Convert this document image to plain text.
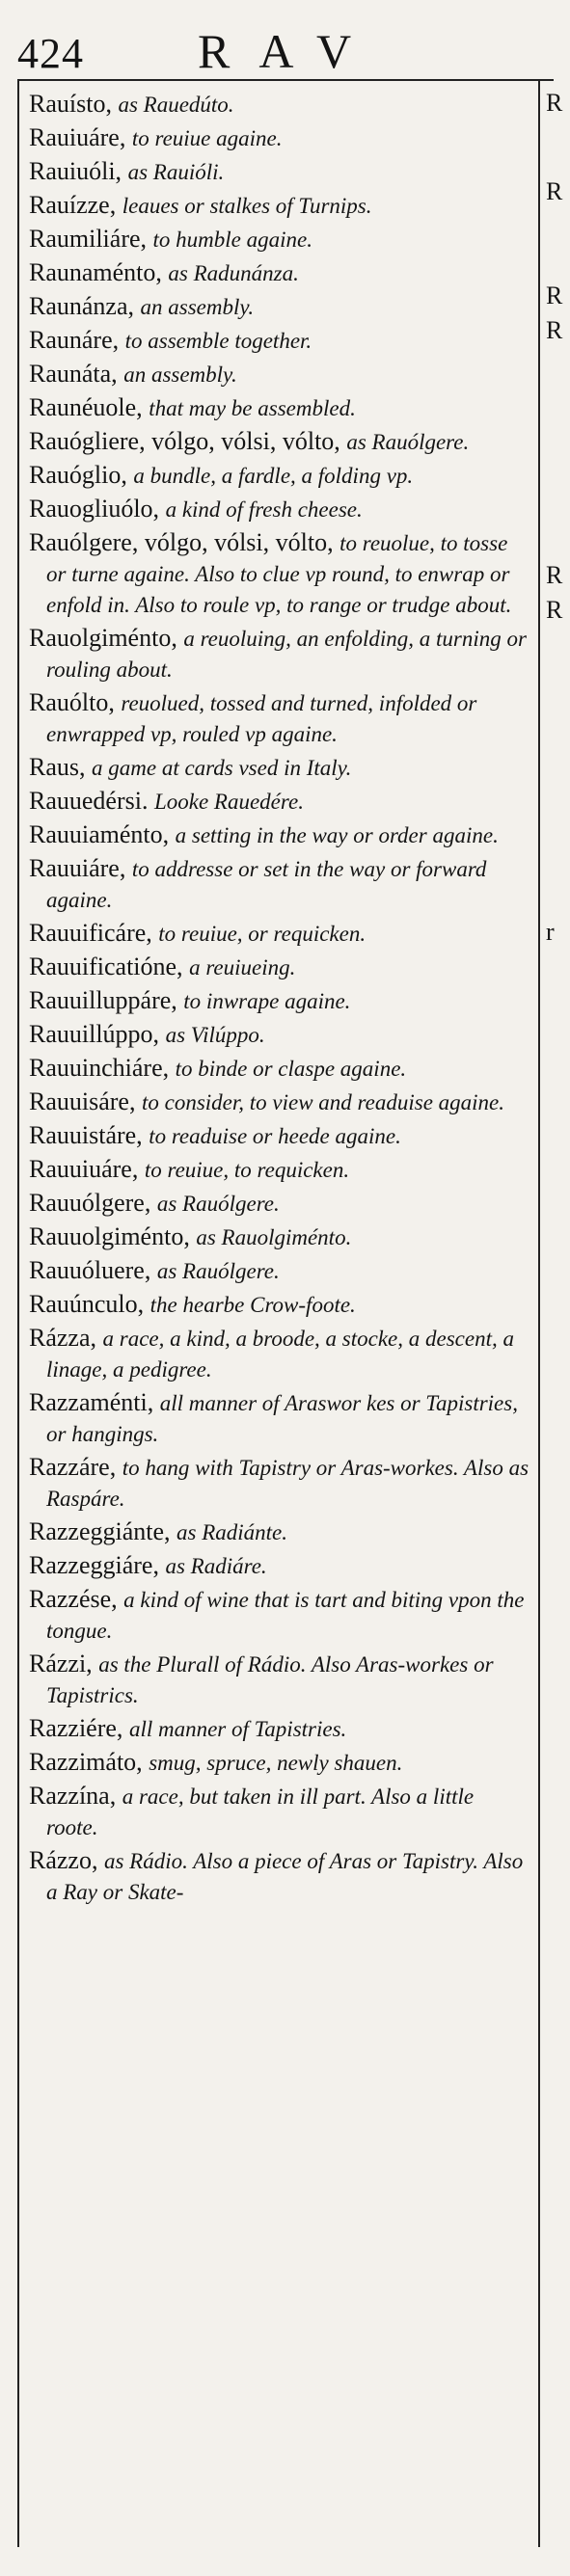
424 RAV

Rauísto, as Rauedúto.

Rauiuáre, to reuiue againe.

Rauiuóli, as Rauióli.

Rauízze, leaues or stalkes of Turnips.

Raumiliáre, to humble againe.

Raunaménto, as Radunánza.

Raunánza, an assembly.

Raunáre, to assemble together.

Raunáta, an assembly.

Raunéuole, that may be assembled.

Rauógliere, vólgo, vólsi, vólto, as Rauólgere.

Rauóglio, a bundle, a fardle, a folding vp.

Rauogliuólo, a kind of fresh cheese.

Rauólgere, vólgo, vólsi, vólto, to reuolue, to tosse or turne againe. Also to clue vp round, to enwrap or enfold in. Also to roule vp, to range or trudge about.

Rauolgiménto, a reuoluing, an enfolding, a turning or rouling about.

Rauólto, reuolued, tossed and turned, infolded or enwrapped vp, rouled vp againe.

Raus, a game at cards vsed in Italy.

Rauuedérsi. Looke Rauedére.

Rauuiaménto, a setting in the way or order againe.

Rauuiáre, to addresse or set in the way or forward againe.

Rauuificáre, to reuiue, or requicken.

Rauuificatióne, a reuiueing.

Rauuilluppáre, to inwrape againe.

Rauuillúppo, as Vilúppo.

Rauuinchiáre, to binde or claspe againe.

Rauuisáre, to consider, to view and readuise againe.

Rauuistáre, to readuise or heede againe.

Rauuiuáre, to reuiue, to requicken.

Rauuólgere, as Rauólgere.

Rauuolgiménto, as Rauolgiménto.

Rauuóluere, as Rauólgere.

Rauúnculo, the hearbe Crow-foote.

Rázza, a race, a kind, a broode, a stocke, a descent, a linage, a pedigree.

Razzaménti, all manner of Araswor kes or Tapistries, or hangings.

Razzáre, to hang with Tapistry or Aras-workes. Also as Raspáre.

Razzeggiánte, as Radiánte.

Razzeggiáre, as Radiáre.

Razzése, a kind of wine that is tart and biting vpon the tongue.

Rázzi, as the Plurall of Rádio. Also Aras-workes or Tapistrics.

Razziére, all manner of Tapistries.

Razzimáto, smug, spruce, newly shauen.

Razzína, a race, but taken in ill part. Also a little roote.

Rázzo, as Rádio. Also a piece of Aras or Tapistry. Also a Ray or Skate-

R
R
R
R
R
R
r
